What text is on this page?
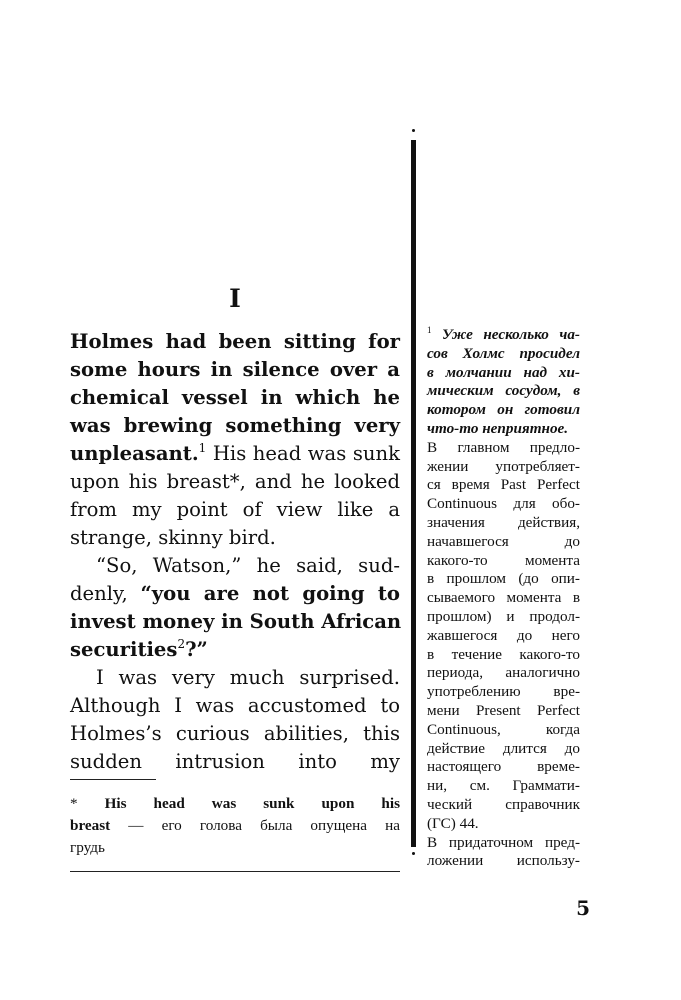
I
Holmes had been sitting for
some hours in silence over a
chemical vessel in which he
was brewing something very
unpleasant.$^1$ His head was sunk
upon his breast*, and he looked
from my point of view like a
strange, skinny bird.
“So, Watson,” he said, sud-
denly, “you are not going to
invest money in South African
securities$^2$?”
I was very much surprised.
Although I was accustomed to
Holmes’s curious abilities, this
sudden intrusion into my
* His head was sunk upon his
breast — его голова была опущена на
грудь
$^1$ Уже несколько ча-
сов Холмс просидел
в молчании над хи-
мическим сосудом, в
котором он готовил
что-то неприятное.
В главном предло-
жении употребляет-
ся время Past Perfect
Continuous для обо-
значения действия,
начавшегося до
какого-то момента
в прошлом (до опи-
сываемого момента в
прошлом) и продол-
жавшегося до него
в течение какого-то
периода, аналогично
употреблению вре-
мени Present Perfect
Continuous, когда
действие длится до
настоящего време-
ни, см. Граммати-
ческий справочник
(ГС) 44.
В придаточном пред-
ложении использу-
5
